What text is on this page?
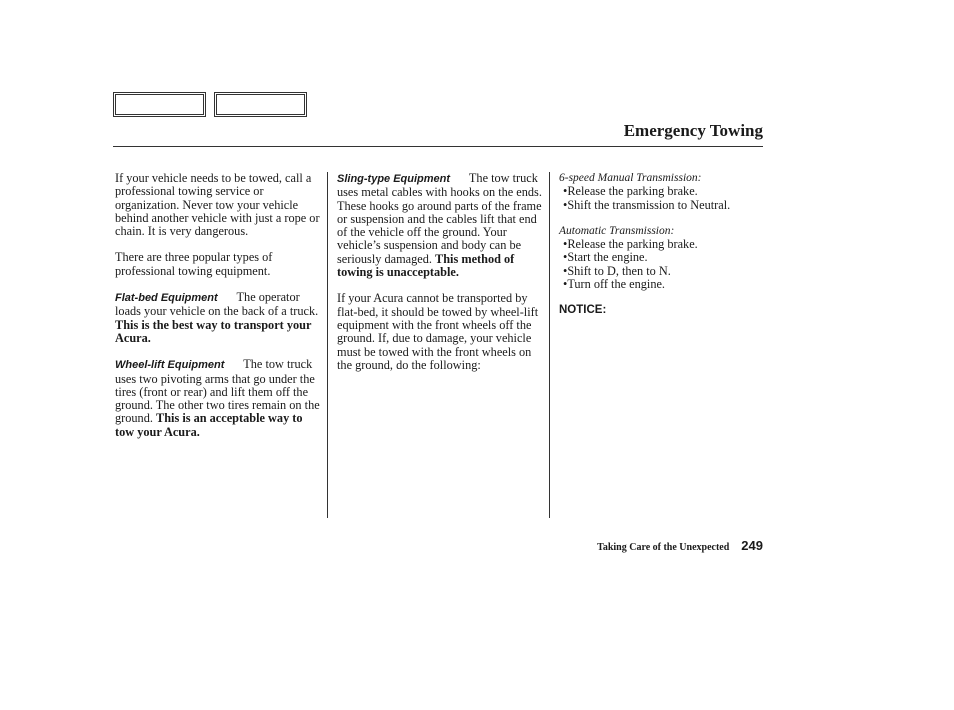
Emergency Towing

If your vehicle needs to be towed, call a professional towing service or organization. Never tow your vehicle behind another vehicle with just a rope or chain. It is very dangerous.

There are three popular types of professional towing equipment.

Flat-bed Equipment The operator loads your vehicle on the back of a truck. This is the best way to transport your Acura.

Wheel-lift Equipment The tow truck uses two pivoting arms that go under the tires (front or rear) and lift them off the ground. The other two tires remain on the ground. This is an acceptable way to tow your Acura.

Sling-type Equipment The tow truck uses metal cables with hooks on the ends. These hooks go around parts of the frame or suspension and the cables lift that end of the vehicle off the ground. Your vehicle’s suspension and body can be seriously damaged. This method of towing is unacceptable.

If your Acura cannot be transported by flat-bed, it should be towed by wheel-lift equipment with the front wheels off the ground. If, due to damage, your vehicle must be towed with the front wheels on the ground, do the following:

6-speed Manual Transmission:
• Release the parking brake.
• Shift the transmission to Neutral.
Automatic Transmission:
• Release the parking brake.
• Start the engine.
• Shift to D, then to N.
• Turn off the engine.
NOTICE:
Taking Care of the Unexpected 249
